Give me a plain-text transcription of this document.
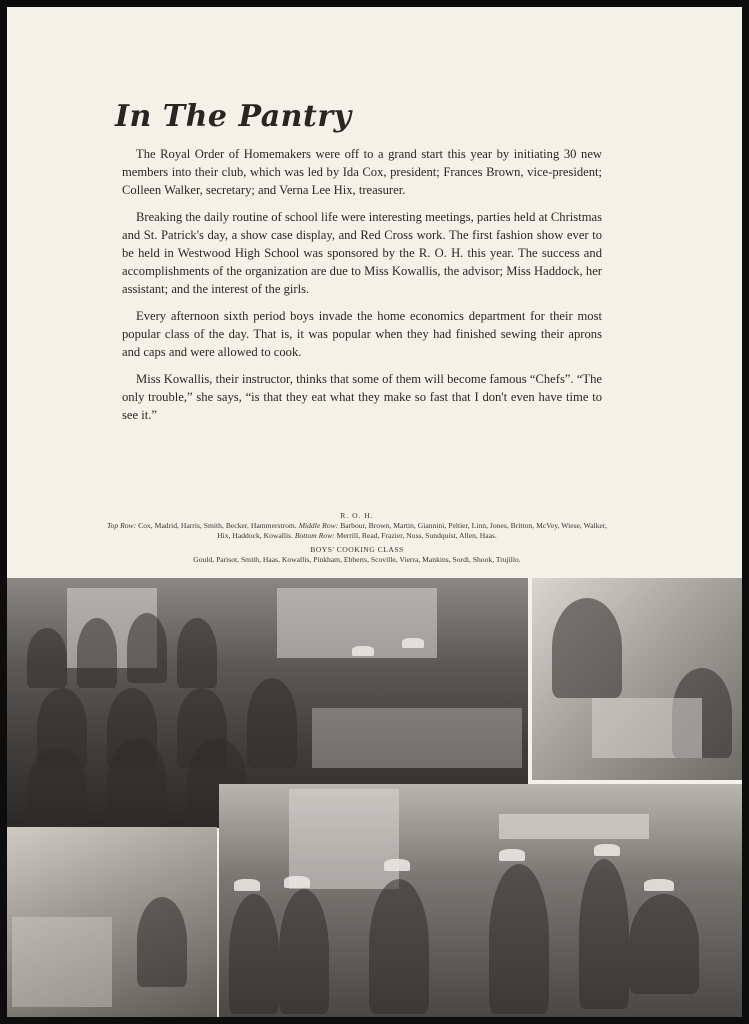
In The Pantry

The Royal Order of Homemakers were off to a grand start this year by initiating 30 new members into their club, which was led by Ida Cox, president; Frances Brown, vice-president; Colleen Walker, secretary; and Verna Lee Hix, treasurer.

Breaking the daily routine of school life were interesting meetings, parties held at Christmas and St. Patrick's day, a show case display, and Red Cross work. The first fashion show ever to be held in Westwood High School was sponsored by the R. O. H. this year. The success and accomplishments of the organization are due to Miss Kowallis, the advisor; Miss Haddock, her assistant; and the interest of the girls.

Every afternoon sixth period boys invade the home economics department for their most popular class of the day. That is, it was popular when they had finished sewing their aprons and caps and were allowed to cook.

Miss Kowallis, their instructor, thinks that some of them will become famous “Chefs”. “The only trouble,” she says, “is that they eat what they make so fast that I don't even have time to see it.”

R. O. H.
Top Row: Cox, Madrid, Harris, Smith, Becker, Hammerstrom. Middle Row: Barbour, Brown, Martin, Giannini, Peltier, Linn, Jones, Britton, McVey, Wiese, Walker, Hix, Haddock, Kowallis. Bottom Row: Merrill, Read, Frazier, Nuss, Sundquist, Allen, Haas.
BOYS' COOKING CLASS
Gould, Parisot, Smith, Haas, Kowallis, Pinkham, Ebberts, Scoville, Vierra, Mankins, Sordi, Shook, Trujillo.
